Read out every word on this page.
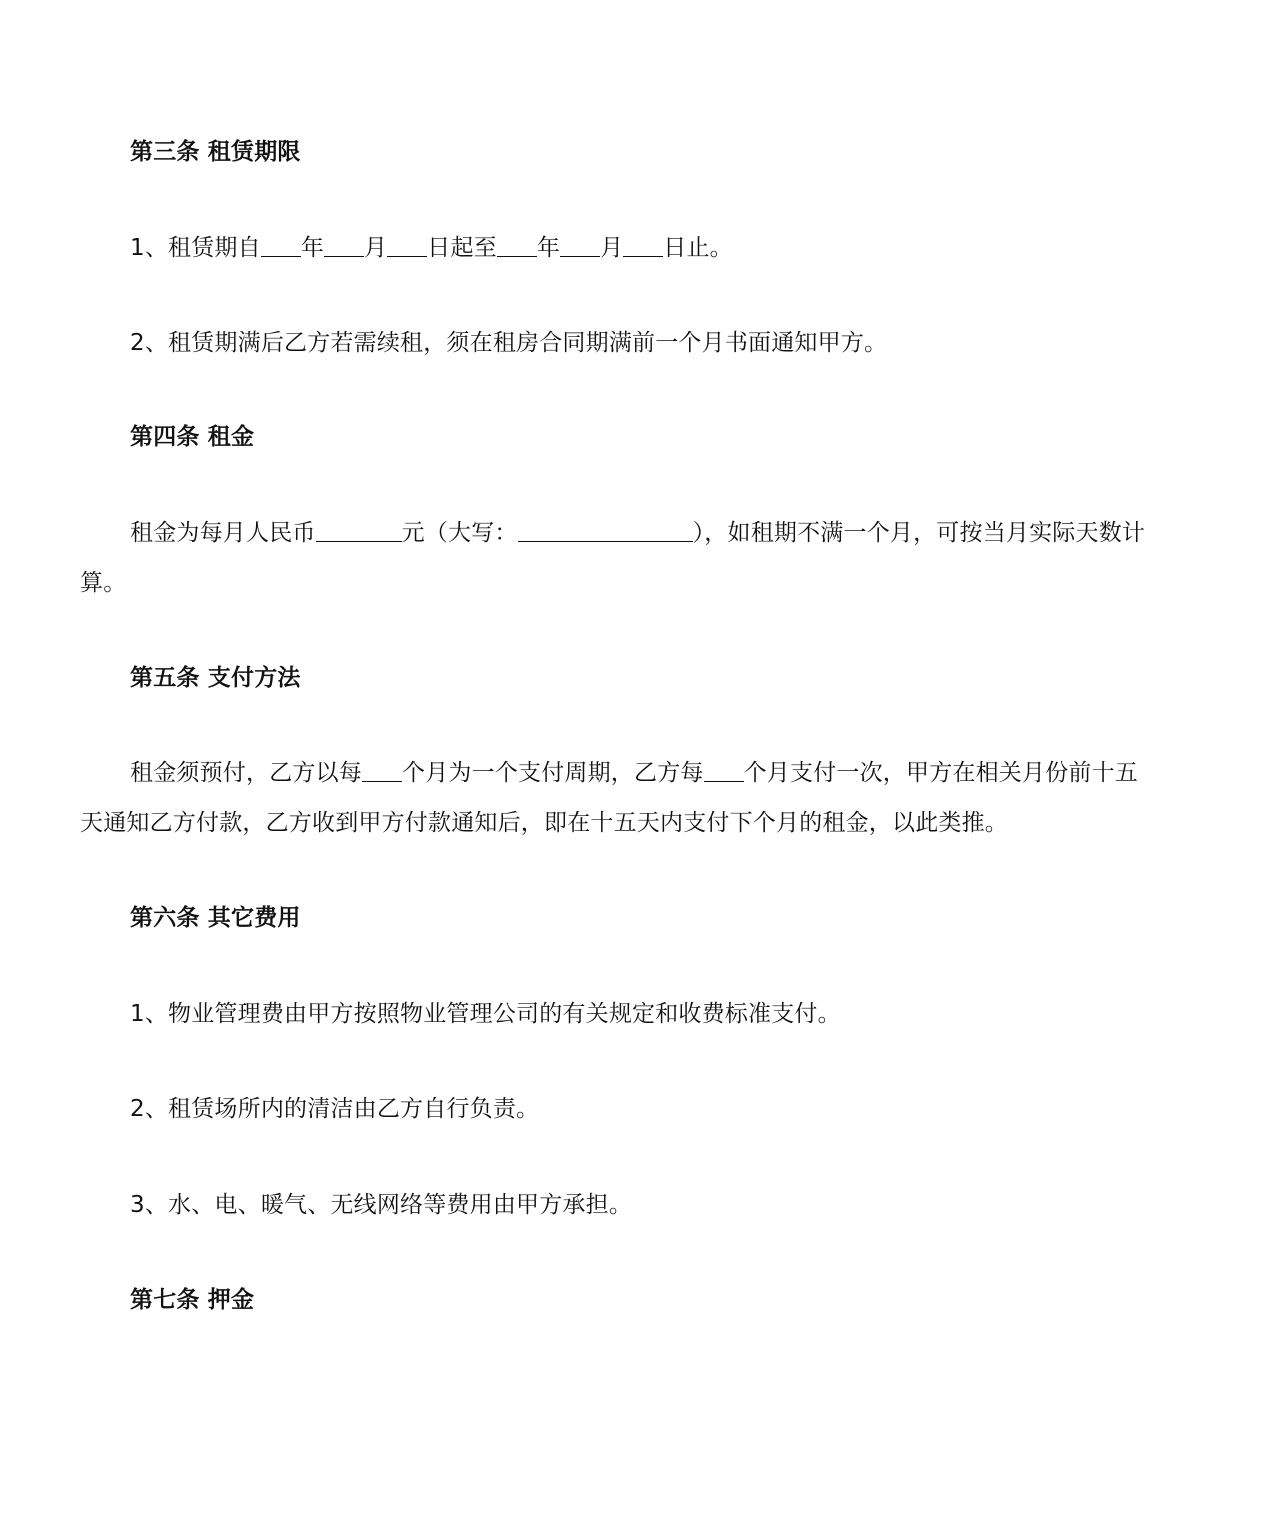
第三条 租赁期限
1、租赁期自 年 月 日起至 年 月 日止。
2、租赁期满后乙方若需续租，须在租房合同期满前一个月书面通知甲方。
第四条 租金
租金为每月人民币	元（大写：	），如租期不满一个月，可按当月实际天数计
算。
第五条 支付方法
租金须预付，乙方以每 个月为一个支付周期，乙方每 个月支付一次，甲方在相关月份前十五
天通知乙方付款，乙方收到甲方付款通知后，即在十五天内支付下个月的租金，以此类推。
第六条 其它费用
1、物业管理费由甲方按照物业管理公司的有关规定和收费标准支付。
2、租赁场所内的清洁由乙方自行负责。
3、水、电、暖气、无线网络等费用由甲方承担。
第七条 押金
